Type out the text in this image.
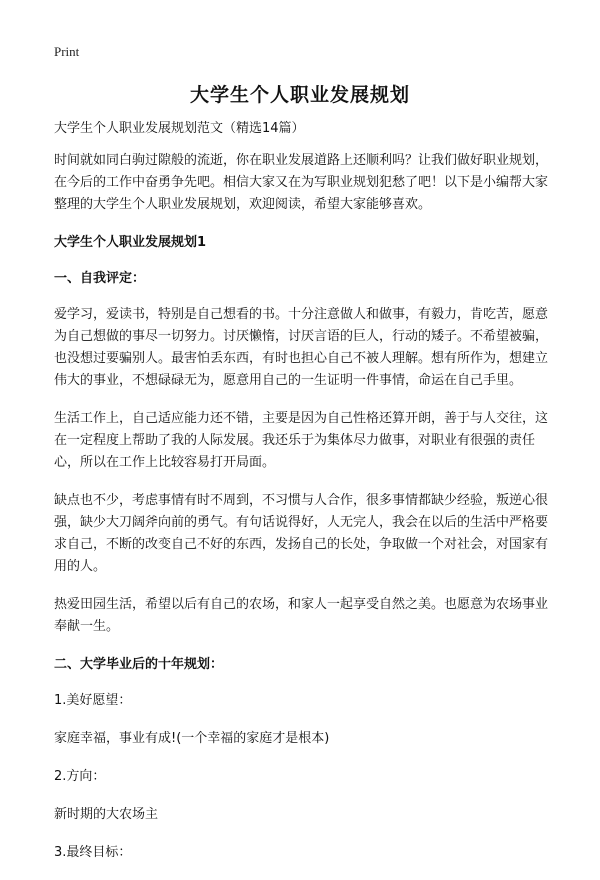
Print
大学生个人职业发展规划

大学生个人职业发展规划范文（精选14篇）

时间就如同白驹过隙般的流逝，你在职业发展道路上还顺利吗？让我们做好职业规划，在今后的工作中奋勇争先吧。相信大家又在为写职业规划犯愁了吧！以下是小编帮大家整理的大学生个人职业发展规划，欢迎阅读，希望大家能够喜欢。

大学生个人职业发展规划1

一、自我评定：

爱学习，爱读书，特别是自己想看的书。十分注意做人和做事，有毅力，肯吃苦，愿意为自己想做的事尽一切努力。讨厌懒惰，讨厌言语的巨人，行动的矮子。不希望被骗，也没想过要骗别人。最害怕丢东西，有时也担心自己不被人理解。想有所作为，想建立伟大的事业，不想碌碌无为，愿意用自己的一生证明一件事情，命运在自己手里。

生活工作上，自己适应能力还不错，主要是因为自己性格还算开朗，善于与人交往，这在一定程度上帮助了我的人际发展。我还乐于为集体尽力做事，对职业有很强的责任心，所以在工作上比较容易打开局面。

缺点也不少，考虑事情有时不周到，不习惯与人合作，很多事情都缺少经验，叛逆心很强，缺少大刀阔斧向前的勇气。有句话说得好，人无完人，我会在以后的生活中严格要求自己，不断的改变自己不好的东西，发扬自己的长处，争取做一个对社会，对国家有用的人。

热爱田园生活，希望以后有自己的农场，和家人一起享受自然之美。也愿意为农场事业奉献一生。

二、大学毕业后的十年规划：

1.美好愿望：

家庭幸福，事业有成!(一个幸福的家庭才是根本)

2.方向：

新时期的大农场主

3.最终目标：
